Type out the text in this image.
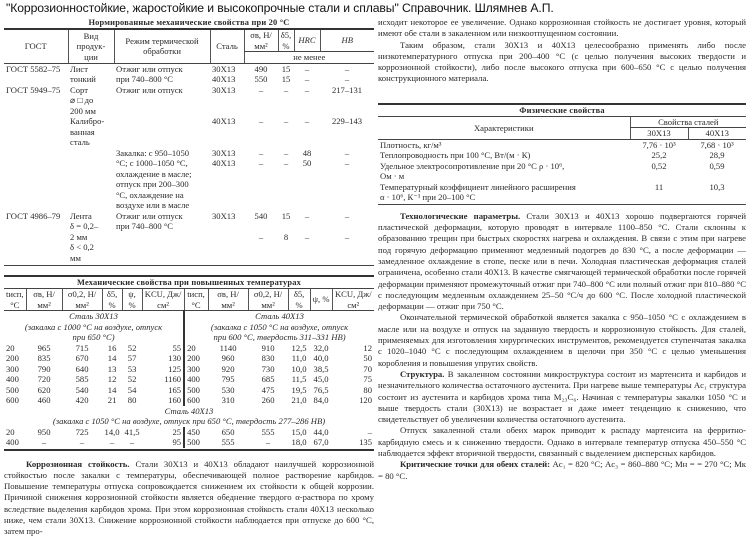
"Коррозионностойкие, жаростойкие и высокопрочные стали и сплавы" Справочник. Шлямнев А.П.
Нормированные механические свойства при 20 °С
ГОСТ	Вид продук-ции	Режим термической обработки	Сталь	σв, Н/мм²	δ5, %	HRC	HB
				не менее			
ГОСТ 5582–75	Лист	Отжиг или отпуск	30Х13	490	15	–	–
	тонкий	при 740–800 °С	40Х13	550	15	–	–
ГОСТ 5949–75	Сорт	Отжиг или отпуск	30Х13	–	–	–	217–131
	⌀ □ до						
	200 мм						
	Калибро-		40Х13	–	–	–	229–143
	ванная						
	сталь						
		Закалка: с 950–1050	30Х13	–	–	48	–
		°С; с 1000–1050 °С,	40Х13	–	–	50	–
		охлаждение в масле;					
		отпуск при 200–300					
		°С, охлаждение на					
		воздухе или в масле					
ГОСТ 4986–79	Лента	Отжиг или отпуск	30Х13	540	15	–	–
	δ = 0,2–	при 740–800 °С					
	2 мм			–	8	–	–
	δ < 0,2						
	мм						
Механические свойства при повышенных температурах
tисп, °С	σв, Н/мм²	σ0,2, Н/мм²	δ5, %	ψ, %	KCU, Дж/см²	tисп, °С	σв, Н/мм²	σ0,2, Н/мм²	δ5, %	ψ, %	KCU, Дж/см²
Сталь 30Х13						Сталь 40Х13					
(закалка с 1000 °С на воздухе, отпуск						(закалка с 1050 °С на воздухе, отпуск					
при 650 °С)						при 600 °С, твердость 311–331 НВ)					
20	965	715	16	52	55	20	1140	910	12,5	32,0	12
200	835	670	14	57	130	200	960	830	11,0	40,0	50
300	790	640	13	53	125	300	920	730	10,0	38,5	70
400	720	585	12	52	1160	400	795	685	11,5	45,0	75
500	620	540	14	54	165	500	530	475	19,5	76,5	80
600	460	420	21	80	160	600	310	260	21,0	84,0	120
Сталь 40Х13											
(закалка с 1050 °С на воздухе, отпуск при 650 °С, твердость 277–286 НВ)											
20	950	725	14,0	41,5	25	450	650	555	15,0	44,0	–
400	–	–	–	–	95	500	555	–	18,0	67,0	135

Коррозионная стойкость. Стали 30Х13 и 40Х13 обладают наилучшей коррозионной стойкостью после закалки с температуры, обеспечивающей полное растворение карбидов. Повышение температуры отпуска сопровождается снижением их стойкости к общей коррозии. Причиной снижения коррозионной стойкости является обеднение твердого α-раствора по хрому вследствие выделения карбидов хрома. При этом коррозионная стойкость стали 40Х13 несколько ниже, чем стали 30Х13. Снижение коррозионной стойкости наблюдается при отпуске до 600 °С, затем про-

исходит некоторое ее увеличение. Однако коррозионная стойкость не достигает уровня, который имеют обе стали в закаленном или низкоотпущенном состоянии.

Таким образом, стали 30Х13 и 40Х13 целесообразно применять либо после низкотемпературного отпуска при 200–400 °С (с целью получения высоких твердости и коррозионной стойкости), либо после высокого отпуска при 600–650 °С с целью получения конструкционного материала.

Физические свойства
Характеристики	Свойства сталей	
	30Х13	40Х13
Плотность, кг/м³	7,76 · 10³	7,68 · 10³
Теплопроводность при 100 °С, Вт/(м · К)	25,2	28,9
Удельное электросопротивление при 20 °С ρ · 10⁶,	0,52	0,59
Ом · м		
Температурный коэффициент линейного расширения	11	10,3
α · 10⁶, К⁻¹ при 20–100 °С		

Технологические параметры. Стали 30Х13 и 40Х13 хорошо подвергаются горячей пластической деформации, которую проводят в интервале 1100–850 °С. Стали склонны к образованию трещин при быстрых скоростях нагрева и охлаждения. В связи с этим при нагреве под горячую деформацию применяют медленный подогрев до 830 °С, а после деформации — замедленное охлаждение в стопе, песке или в печи. Холодная пластическая деформация сталей ограничена, особенно стали 40Х13. В качестве смягчающей термической обработки после горячей деформации применяют промежуточный отжиг при 740–800 °С или полный отжиг при 810–880 °С с последующим медленным охлаждением 25–50 °С/ч до 600 °С. После холодной пластической деформации — отжиг при 750 °С.

Окончательной термической обработкой является закалка с 950–1050 °С с охлаждением в масле или на воздухе и отпуск на заданную твердость и коррозионную стойкость. Для сталей, применяемых для изготовления хирургических инструментов, рекомендуется ступенчатая закалка с 1020–1040 °С с последующим охлаждением в щелочи при 350 °С с целью уменьшения коробления и повышения упругих свойств.

Структура. В закаленном состоянии микроструктура состоит из мартенсита и карбидов и незначительного количества остаточного аустенита. При нагреве выше температуры Ac₁ структура состоит из аустенита и карбидов хрома типа M₂₃C₆. Начиная с температуры закалки 1050 °С и выше твердость стали (30Х13) не возрастает и даже имеет тенденцию к снижению, что свидетельствует об увеличении количества остаточного аустенита.

Отпуск закаленной стали обеих марок приводит к распаду мартенсита на ферритно-карбидную смесь и к снижению твердости. Однако в интервале температур отпуска 450–550 °С наблюдается эффект вторичной твердости, связанный с выделением дисперсных карбидов.

Критические точки для обеих сталей: Ac₁ = 820 °С; Ac₃ = 860–880 °С; Mн = = 270 °С; Mк = 80 °С.
